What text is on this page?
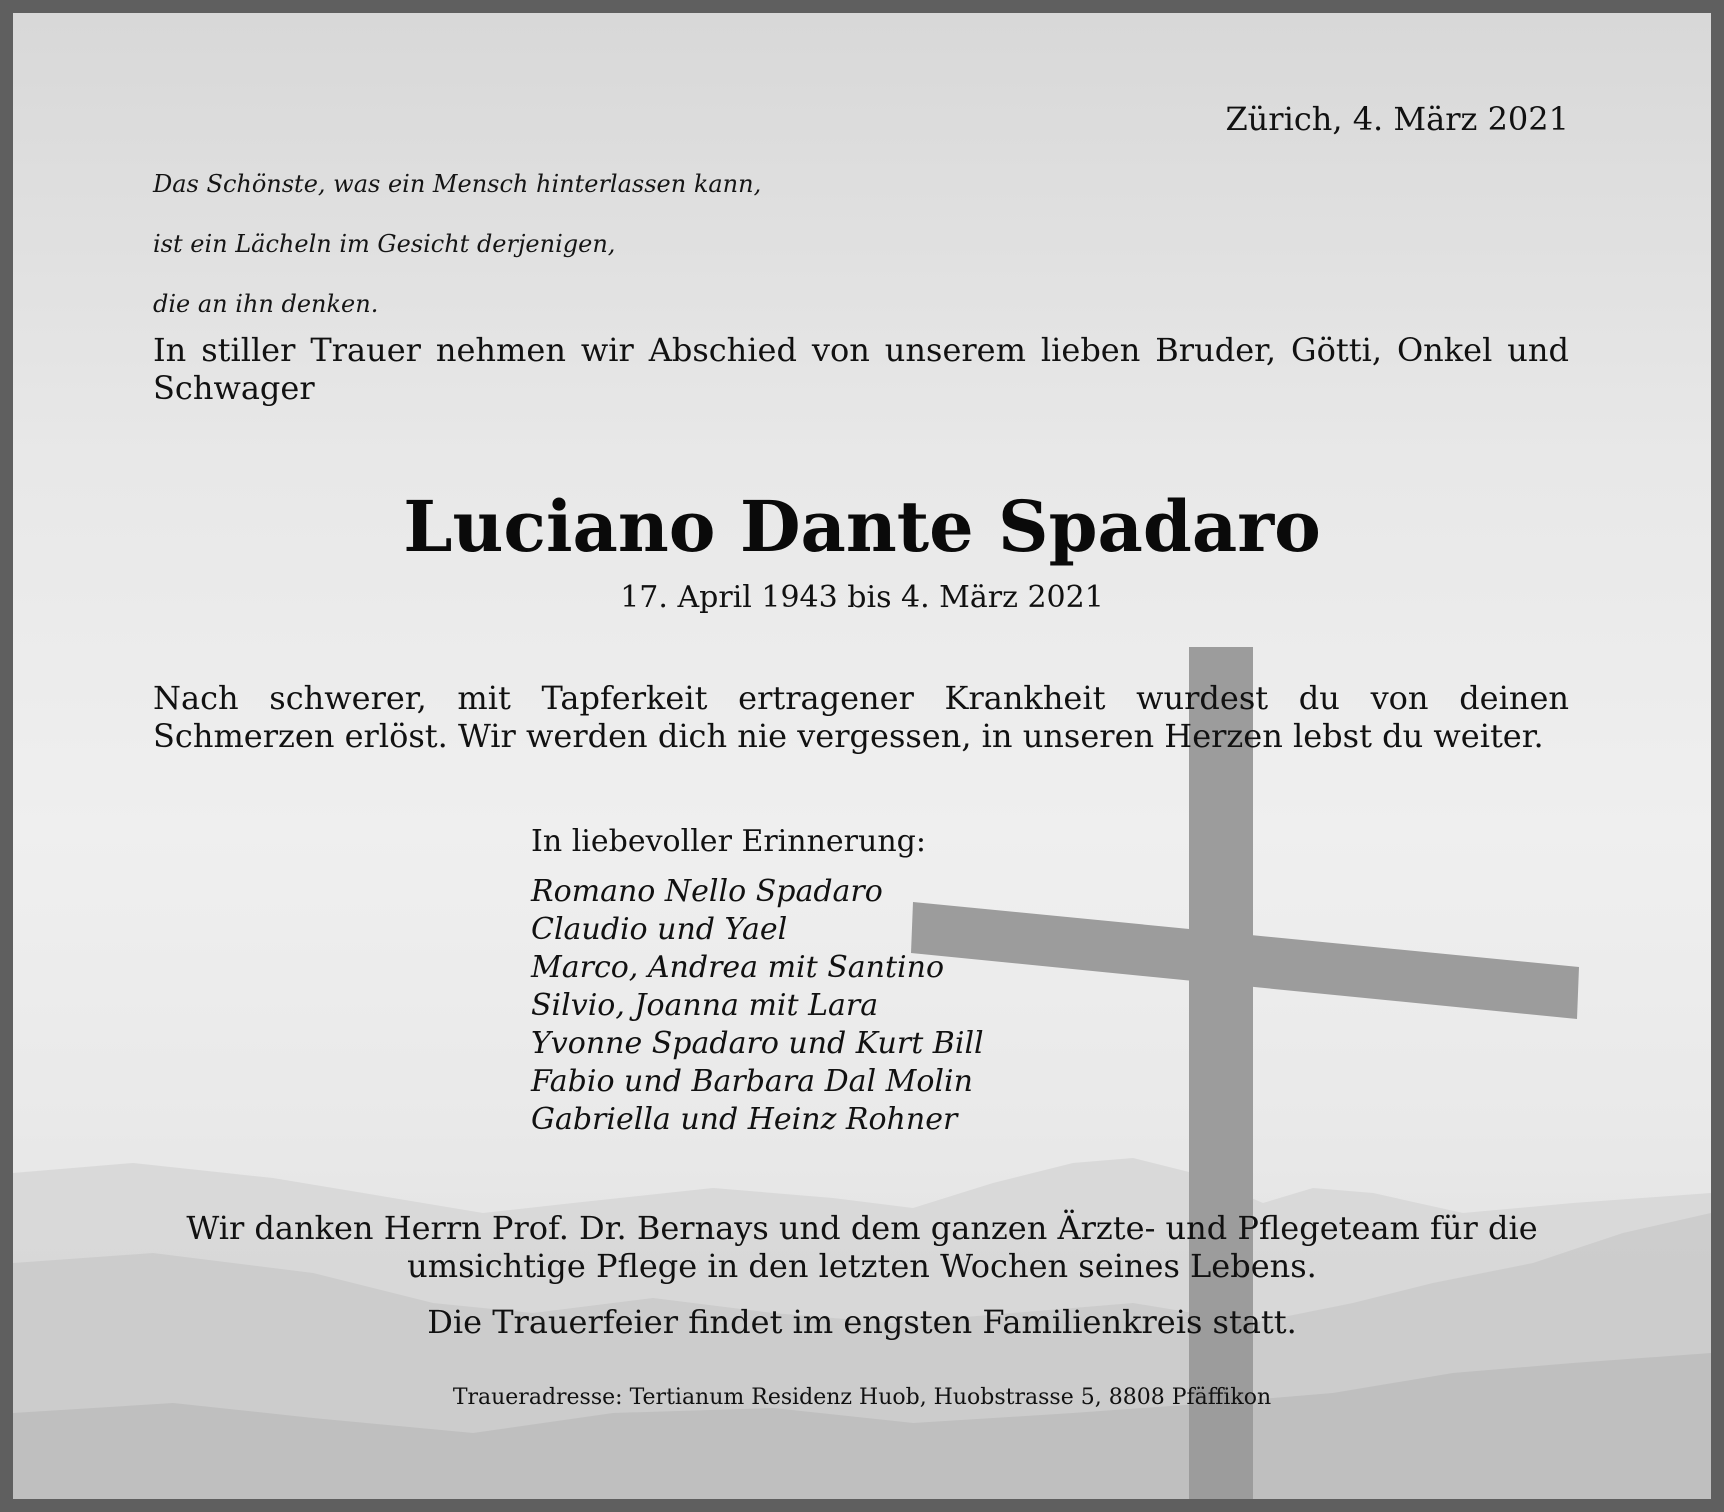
Das Schönste, was ein Mensch hinterlassen kann,

ist ein Lächeln im Gesicht derjenigen,

die an ihn denken.

Zürich, 4. März 2021
In stiller Trauer nehmen wir Abschied von unserem lieben Bruder, Götti, Onkel und Schwager
Luciano Dante Spadaro
17. April 1943 bis 4. März 2021
Nach schwerer, mit Tapferkeit ertragener Krankheit wurdest du von deinen Schmerzen erlöst. Wir werden dich nie vergessen, in unseren Herzen lebst du weiter.
In liebevoller Erinnerung:
Romano Nello Spadaro
Claudio und Yael
Marco, Andrea mit Santino
Silvio, Joanna mit Lara
Yvonne Spadaro und Kurt Bill
Fabio und Barbara Dal Molin
Gabriella und Heinz Rohner
Wir danken Herrn Prof. Dr. Bernays und dem ganzen Ärzte- und Pflegeteam für die
umsichtige Pflege in den letzten Wochen seines Lebens.
Die Trauerfeier findet im engsten Familienkreis statt.
Traueradresse: Tertianum Residenz Huob, Huobstrasse 5, 8808 Pfäffikon
